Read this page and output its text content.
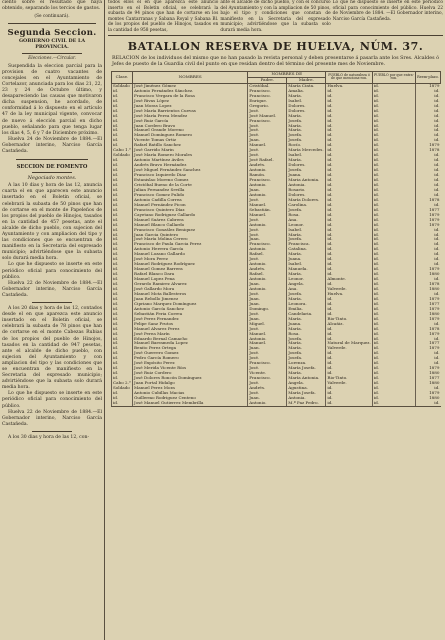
ciento sobre el resultado que haya obtenido, separando los tercios de gastos.
(Se continuará).
Segunda Seccion.
GOBIERNO CIVIL DE LA PROVINCIA.
Elecciones.—Circular.
Suspendida la eleccion parcial para la provision de cuatro vacantes de concejales en el Ayuntamiento de Cortelazor, anunciada para los dias 21, 22, 23 y 24 de Octubre último, y desapareciendo las causas que motivaron dicha suspension, he acordado, de conformidad á lo dispuesto en el artículo 47 de la ley municipal vigente, convocar de nuevo á elección parcial en dicho pueblo, señalando para que tenga lugar los dias 4, 5, 6 y 7 de Diciembre próximo.
Huelva 24 de Noviembre de 1884.—El Gobernador interino, Narciso García Castañeda.
SECCION DE FOMENTO
Negociado montes.
A las 10 dias y hora de las 12, anuncia cuarta el en que aparecen este anuncio insertado en el Boletin oficial, se celebrará la subasta de 50 pinos que han de cortarse en el monte de Papeleños de los propios del pueblo de Hinojos, tasados en la cantidad de 457 pesetas, ante el alcalde de dicho pueblo, con sujecion del Ayuntamiento y con ampliacion del tipo y las condiciones que se encuentran de manifiesto en la Secretaria del expresado municipio; advirtiéndose que la subasta solo durará media hora.
Lo que he dispuesto se inserte en este periódico oficial para conocimiento del público.
Huelva 22 de Noviembre de 1884.—El Gobernador interino, Narciso García Castañeda.
A los 20 dias y hora de las 12, contados desde el en que aparezca este anuncio insertado en el Boletin oficial, se celebrará la subasta de 78 pinos que han de cortarse en el monte Cabezas Rubias de los propios del pueblo de Hinojos, tasados en la cantidad de 947 pesetas, ante el alcalde de dicho pueblo, con sujecion del Ayuntamiento y con ampliacion del tipo y las condiciones que se encuentran de manifiesto en la Secretaria del expresado municipio; advirtiéndose que la subasta solo durará media hora.
Lo que he dispuesto se inserte en este periódico oficial para conocimiento del público.
Huelva 22 de Noviembre de 1884.—El Gobernador interino, Narciso García Castañeda.
A los 30 dias y hora de las 12, con-
todos ellos el en que aparezca este anuncio inserto en el Boletin oficial, se celebrará la subasta de 94 pinos que han de cortarse en los montes Cantarranas y Sabana Royal y Sabana Bl. de los propios del pueblo de Hinojos, tasados en la cantidad de 958 pesetas,
ante el alcalde de dicho pueblo, y con el concurso del Ayuntamiento y con la ampliacion de 50 pinos, bajo el tipo y condiciones que constan de manifiesto en la Secretaria del expresado municipio; advirtiéndose que la subasta solo durará media hora.
Lo que he dispuesto se inserte en este periódico oficial para conocimiento del público. Huelva 22 de Noviembre de 1884. —El Gobernador interino, Narciso García Castañeda.
BATALLON RESERVA DE HUELVA, NÚM. 37.
RELACION de los individuos del mismo que no han pasado la revista personal y deben presentarse á pasarla ante los Sres. Alcaldes ó Jefes de puesto de la Guardia civil del punto en que residan dentro del término del presente mes de Noviembre.
Clase.	NOMBRES	NOMBRES DE		PUEBLO de naturaleza ó de que menciona-ron.	PUEBLO por que entra-ron.	Reem-plazo.
		Padre.	Madre.			
Soldado	José Jiménez Gómez	Cristóbal.	María Cinta.	Huelva.	id.	1879
id.	Antonio Fernández Sánchez.	Francisco.	Amalia.	id.	id.	id.
id.	Francisco Vergara de la Rosa	Francisco.	María.	id.	id.	id.
id.	José Rivas López	Enrique.	Isabel.	id.	id.	id.
id.	Juan Moras Lopez	Gregorio.	Dolores.	id.	id.	id.
id.	José María Barrientos Cuevas	José.	Dolores.	id.	id.	id.
id.	José María Perea Mendez	José Manuel.	María.	id.	id.	id.
id.	José Ruiz García	Francisco.	Josefa.	id.	id.	id.
id.	Juan Cordero Bravo	José.	María.	id.	id.	id.
id.	Manuel Grande Moreno	José.	María.	id.	id.	id.
id.	Manuel Domínguez Romero	José.	Josefa.	id.	id.	id.
id.	Vicente Tomas Ortiz	Juan.	Josefa.	id.	id.	id.
id.	Rafael Batillo Sanchez	Manuel.	Rocío.	id.	id.	1879
Cabo 1.°	José Garrido Marin	José.	María Mercedes.	id.	id.	1878
Soldado	José María Romero Morales	José.	Isabel.	id.	id.	id.
id.	Antonio Martínez Aviles	José Rafael.	María.	id.	id.	id.
id.	Andrés Bravo Hernández	Andrés.	Dolores.	id.	id.	id.
id.	José Miguel Fernández Sanchez	Antonio.	Josefa.	id.	id.	id.
id.	Francisco Izquierdo Diaz	Ramón.	Juana.	id.	id.	id.
id.	Estanislao Moreno Gomez	Francisco.	Maria Antonia.	id.	id.	id.
id.	Cristóbal Bueno de la Corte	Antonio.	Antonia.	id.	id.	id.
id.	Julian Fernandez Sevilla	Juan.	Rosario.	id.	id.	id.
id.	Francisco Gomez Pulido	Antonio.	Dolores.	id.	id.	id.
id.	Antonio Cadilla Correa	José.	María Dolores.	id.	id.	1878
id.	Manuel Fernández Picon	Manuel.	Carolina.	id.	id.	id.
id.	Francisco Quintero Díaz	Sebastián.	Josefa.	id.	id.	1877
id.	Cayetano Rodriguez Gallardo	Manuel.	Rosa.	id.	id.	1879
id.	Manuel Suárez Cabrera	José.	Ana.	id.	id.	1879
id.	Manuel Blanco Gallardo	Antonio.	Leonor.	id.	id.	1879
id.	Francisco González Beniquez	José.	Isabel.	id.	id.	id.
id.	Juan Garcia Quintero	José.	María.	id.	id.	id.
id.	José María Molina Cerero	Juan.	Josefa.	id.	id.	id.
id.	Francisco de Paula Garcia Perez	Francisco.	Francisca.	id.	id.	id.
id.	Antonio Herrera García	Antonio.	Catalina.	id.	id.	id.
id.	Manuel Lozano Gallardo	Rafael.	María.	id.	id.	id.
id.	José Mora Perez	José.	Juana.	id.	id.	id.
id.	Manuel Rodríguez Rodríguez	Antonio.	Isabel.	id.	id.	id.
id.	Manuel Gomez Barrera	Andrés.	Manuela.	id.	id.	1879
id.	Rafael Blanco Dara	Rafael.	María.	id.	id.	1880
id.	Manuel Lopez Pena	Antonio.	Leonor.	Almonte.	id.	id.
id.	Gerardo Ramirez Alvarez	Juan.	Angela.	id.	id.	1878
id.	José Gallardo Mora	Antonio.	Ana.	Valverde.	id.	1880
id.	Manuel Mota Ballesteros	José.	Josefa.	Huelva.	id.	id.
id.	Juan Rebollo Jimenez	Juan.	María.	id.	id.	1879
id.	Cipriano Marquez Domínguez	Juan.	Leonora.	id.	id.	1877
id.	Antonio García Sanchez	Domingo.	Emilia.	id.	id.	1879
id.	Sebastián Feria Correa	José.	Candelaria.	id.	id.	1880
id.	José Perez Fernandez	Juan.	María.	Rio-Tinto.	id.	1879
id.	Felipe Sanz Frutos	Miguel.	Juana.	Alcañiz.	id.	id.
id.	Manuel Álvarez Perez	José.	María.	id.	id.	1878
id.	José Perea Marín	Manuel.	Rosa.	id.	id.	1879
id.	Eduardo Bernal Camacho	Antonio.	Josefa.	id.	id.	id.
id.	Manuel Barrameda Lopez	Manuel.	María.	Natural de Marquez.	id.	1877
id.	Benito Perez Ortega	Juan.	María.	Valverde.	id.	1879
id.	José Guerrero Gomez	José.	Josefa.	id.	id.	id.
id.	Pedro García Romero	José.	Josefa.	id.	id.	id.
id.	José Expósito Perez	Francisco.	Lorenza.	id.	id.	id.
id.	José Merida Vicente Ríos	José.	María Josefa.	id.	id.	1879
id.	José Ruiz Cordero	Vicente.	María.	id.	id.	1880
id.	José Dolores Roncón Domínguez	Francisco.	María Antonia.	Rio-Tinto.	id.	1877
Cabo 2.°	Juan Portal Hidalgo	José.	Angela.	Valverde.	id.	1880
Soldado	Manuel Perez Mora	Andrés.	Agustina.	id.	id.	id.
id.	Antonio Cubillas Macias	José.	María Josefa.	id.	id.	1879
id.	Guillermo Rodriguez Centeno	Juan.	Antonia.	id.	id.	1880
id.	José Manuel Gutierrez Membrilla	Antonio.	M.ª Paz Pedro.	id.	id.	id.
